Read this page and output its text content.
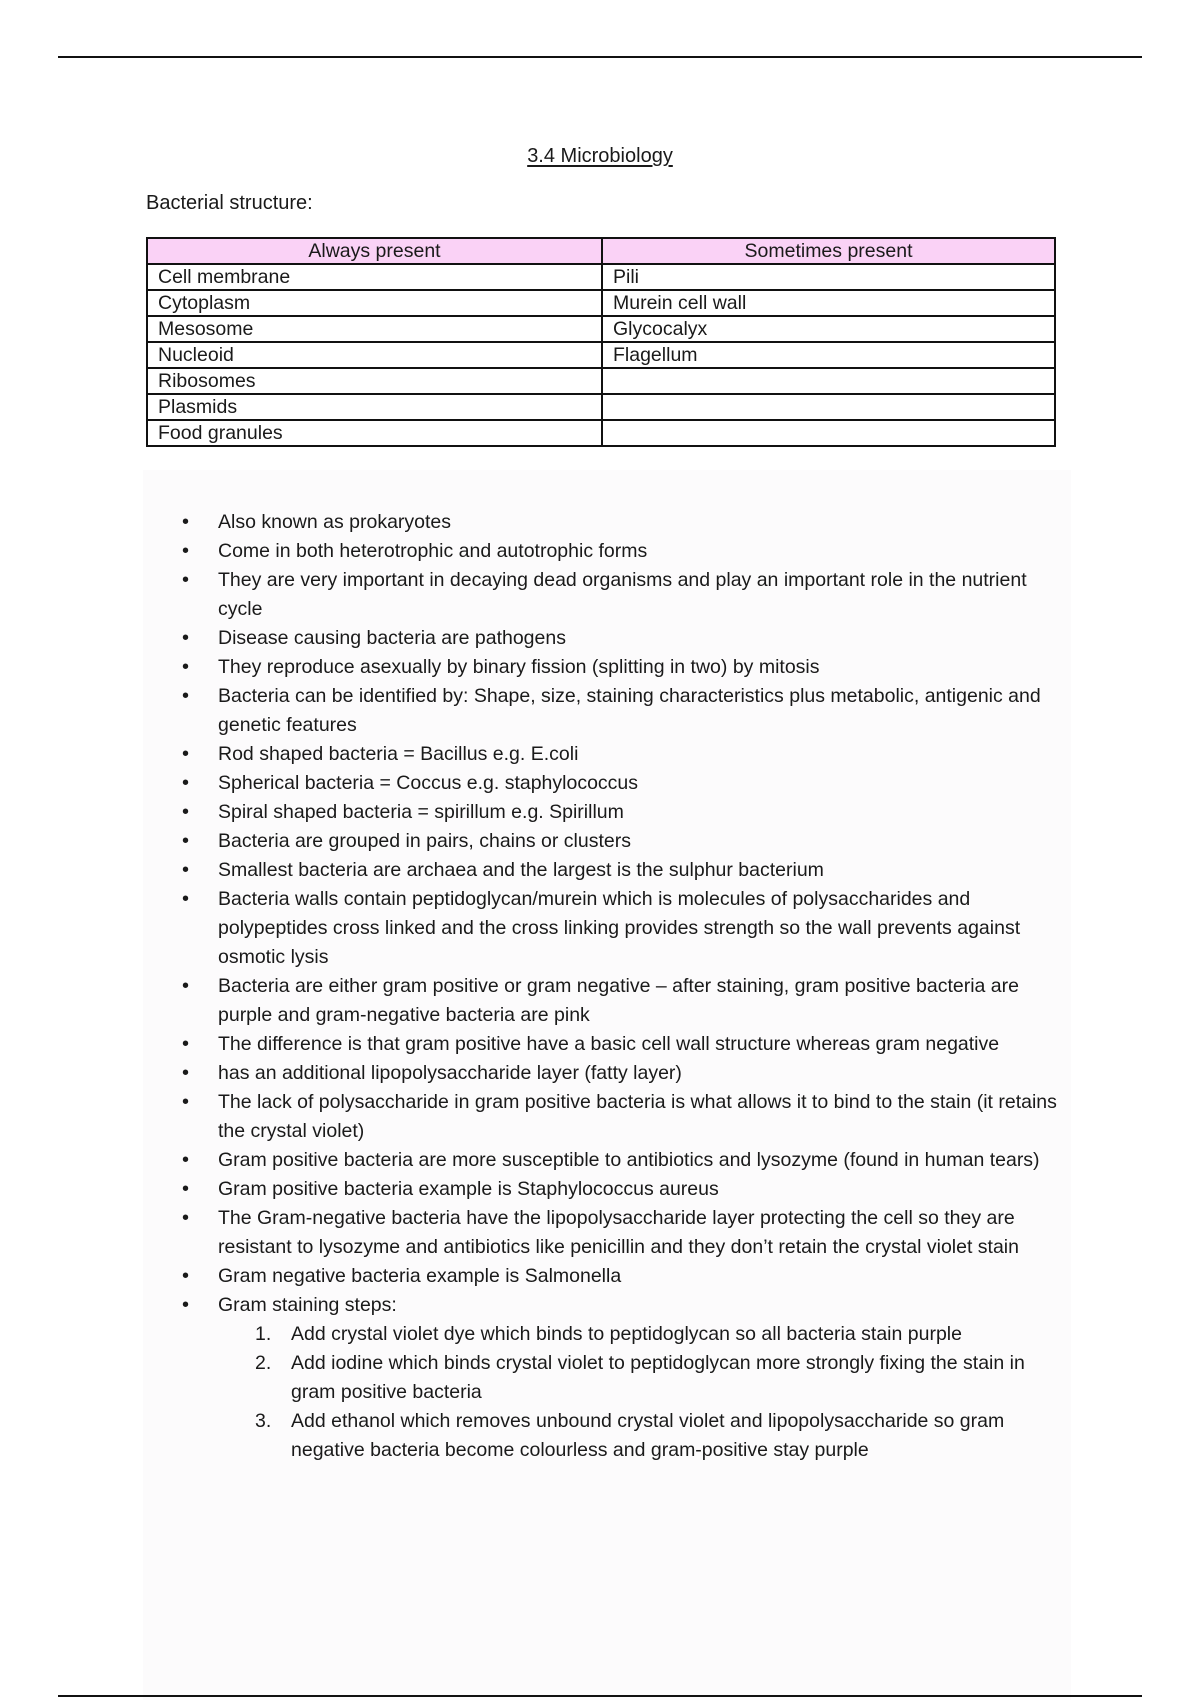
3.4 Microbiology
Bacterial structure:
Always present	Sometimes present
Cell membrane	Pili
Cytoplasm	Murein cell wall
Mesosome	Glycocalyx
Nucleoid	Flagellum
Ribosomes	
Plasmids	
Food granules	
• Also known as prokaryotes
• Come in both heterotrophic and autotrophic forms
• They are very important in decaying dead organisms and play an important role in the nutrient cycle
• Disease causing bacteria are pathogens
• They reproduce asexually by binary fission (splitting in two) by mitosis
• Bacteria can be identified by: Shape, size, staining characteristics plus metabolic, antigenic and genetic features
• Rod shaped bacteria = Bacillus e.g. E.coli
• Spherical bacteria = Coccus e.g. staphylococcus
• Spiral shaped bacteria = spirillum e.g. Spirillum
• Bacteria are grouped in pairs, chains or clusters
• Smallest bacteria are archaea and the largest is the sulphur bacterium
• Bacteria walls contain peptidoglycan/murein which is molecules of polysaccharides and polypeptides cross linked and the cross linking provides strength so the wall prevents against osmotic lysis
• Bacteria are either gram positive or gram negative – after staining, gram positive bacteria are purple and gram-negative bacteria are pink
• The difference is that gram positive have a basic cell wall structure whereas gram negative
• has an additional lipopolysaccharide layer (fatty layer)
• The lack of polysaccharide in gram positive bacteria is what allows it to bind to the stain (it retains the crystal violet)
• Gram positive bacteria are more susceptible to antibiotics and lysozyme (found in human tears)
• Gram positive bacteria example is Staphylococcus aureus
• The Gram-negative bacteria have the lipopolysaccharide layer protecting the cell so they are resistant to lysozyme and antibiotics like penicillin and they don’t retain the crystal violet stain
• Gram negative bacteria example is Salmonella
• Gram staining steps:
1. Add crystal violet dye which binds to peptidoglycan so all bacteria stain purple
2. Add iodine which binds crystal violet to peptidoglycan more strongly fixing the stain in gram positive bacteria
3. Add ethanol which removes unbound crystal violet and lipopolysaccharide so gram negative bacteria become colourless and gram-positive stay purple
